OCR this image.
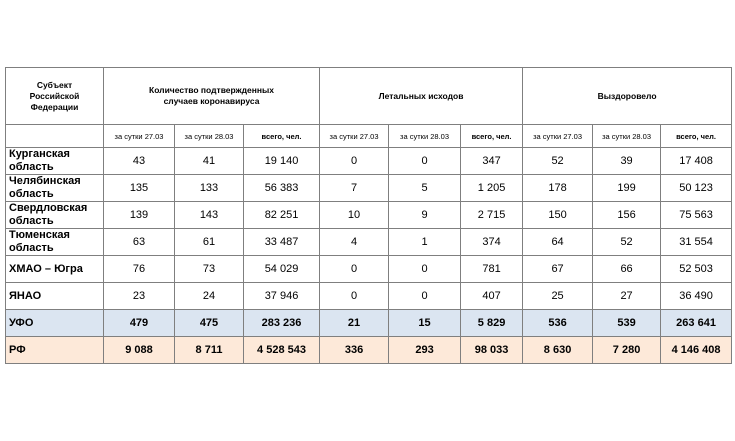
Субъект Российской Федерации	Количество подтвержденных случаев коронавируса			Летальных исходов			Выздоровело		
	за сутки 27.03	за сутки 28.03	всего, чел.	за сутки 27.03	за сутки 28.03	всего, чел.	за сутки 27.03	за сутки 28.03	всего, чел.
Курганская область	43	41	19 140	0	0	347	52	39	17 408
Челябинская область	135	133	56 383	7	5	1 205	178	199	50 123
Свердловская область	139	143	82 251	10	9	2 715	150	156	75 563
Тюменская область	63	61	33 487	4	1	374	64	52	31 554
ХМАО – Югра	76	73	54 029	0	0	781	67	66	52 503
ЯНАО	23	24	37 946	0	0	407	25	27	36 490
УФО	479	475	283 236	21	15	5 829	536	539	263 641
РФ	9 088	8 711	4 528 543	336	293	98 033	8 630	7 280	4 146 408
